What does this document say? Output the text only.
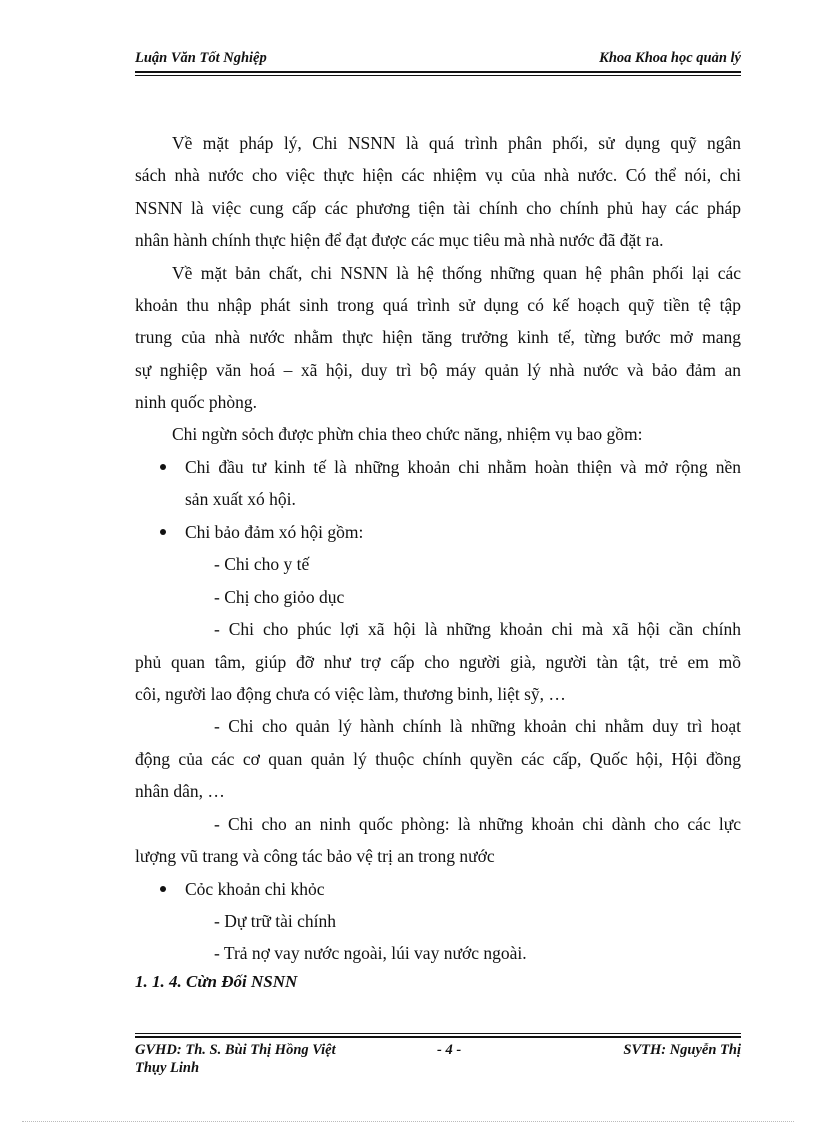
Luận Văn Tốt Nghiệp	Khoa Khoa học quản lý
Về mặt pháp lý, Chi NSNN là quá trình phân phối, sử dụng quỹ ngân
sách nhà nước cho việc thực hiện các nhiệm vụ của nhà nước. Có thể nói, chi
NSNN là việc cung cấp các phương tiện tài chính cho chính phủ hay các pháp
nhân hành chính thực hiện để đạt được các mục tiêu mà nhà nước đã đặt ra.
Về mặt bản chất, chi NSNN là hệ thống những quan hệ phân phối lại các
khoản thu nhập phát sinh trong quá trình sử dụng có kế hoạch quỹ tiền tệ tập
trung của nhà nước nhằm thực hiện tăng trưởng kinh tế, từng bước mở mang
sự nghiệp văn hoá – xã hội, duy trì bộ máy quản lý nhà nước và bảo đảm an
ninh quốc phòng.
Chi ngừn sỏch được phừn chia theo chức năng, nhiệm vụ bao gồm:
Chi đầu tư kinh tế là những khoản chi nhằm hoàn thiện và mở rộng nền
sản xuất xó hội.
Chi bảo đảm xó hội gồm:
- Chi cho y tế
- Chị cho giỏo dục
- Chi cho phúc lợi xã hội là những khoản chi mà xã hội cần chính
phủ quan tâm, giúp đỡ như trợ cấp cho người già, người tàn tật, trẻ em mồ
côi, người lao động chưa có việc làm, thương binh, liệt sỹ, …
- Chi cho quản lý hành chính là những khoản chi nhằm duy trì hoạt
động của các cơ quan quản lý thuộc chính quyền các cấp, Quốc hội, Hội đồng
nhân dân, …
- Chi cho an ninh quốc phòng: là những khoản chi dành cho các lực
lượng vũ trang và công tác bảo vệ trị an trong nước
Cỏc khoản chi khỏc
- Dự trữ tài chính
- Trả nợ vay nước ngoài, lúi vay nước ngoài.
1. 1. 4. Cừn Đối NSNN
GVHD: Th. S. Bùi Thị Hồng Việt
Thụy Linh
- 4 -	SVTH: Nguyễn Thị
